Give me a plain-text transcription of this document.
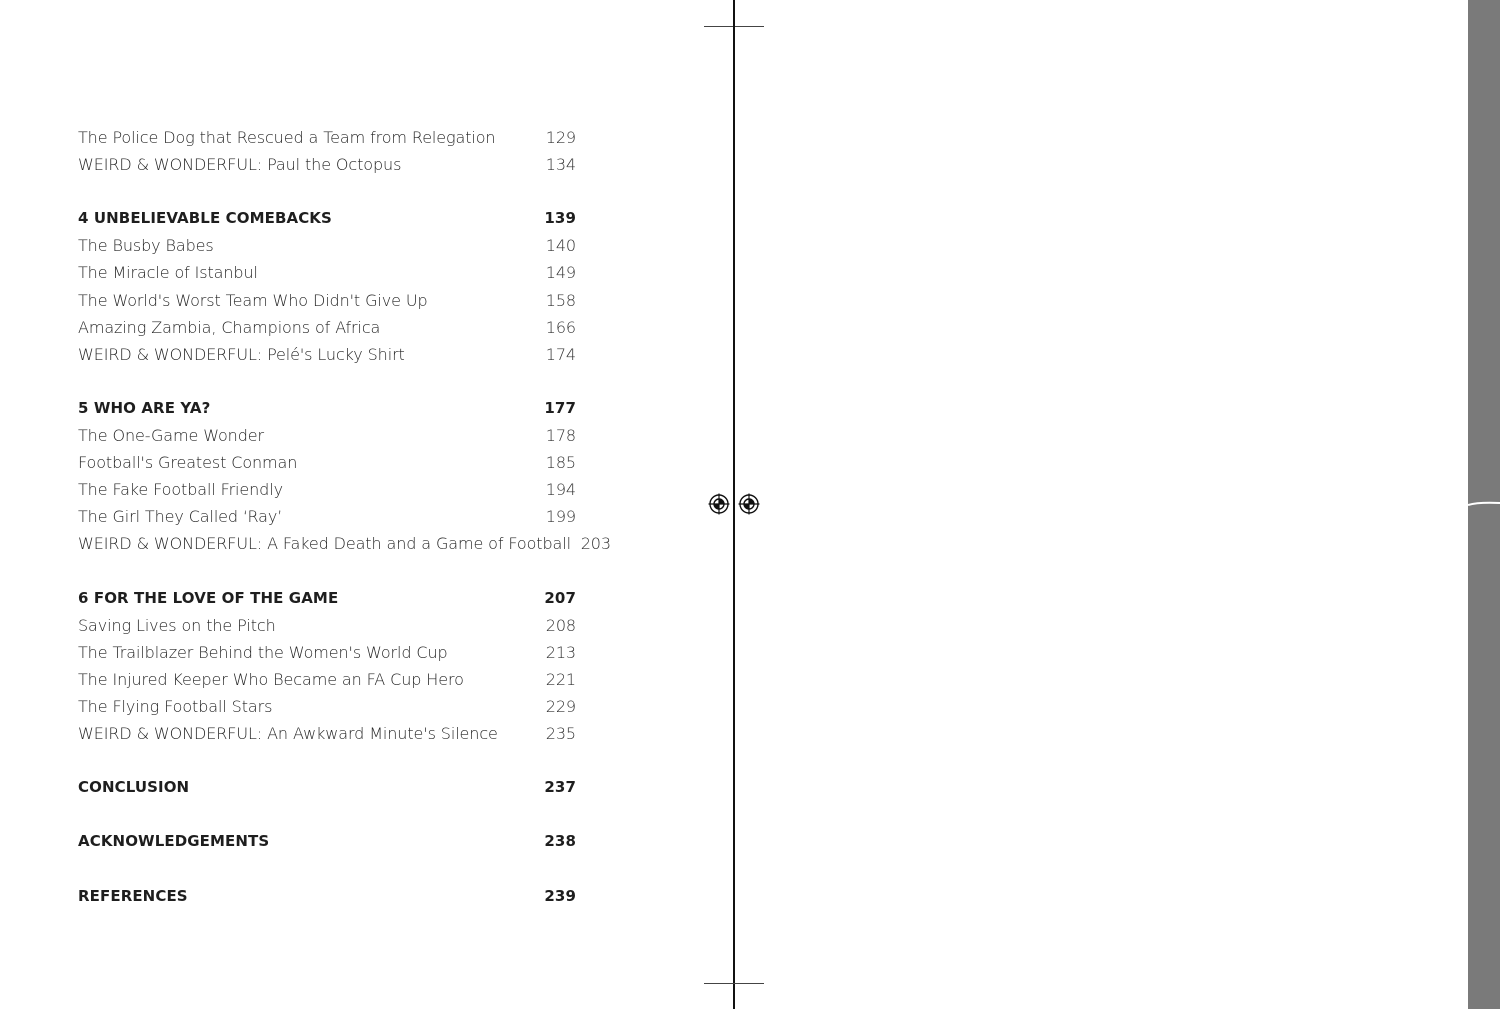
The Police Dog that Rescued a Team from Relegation	129
WEIRD & WONDERFUL: Paul the Octopus	134
4 UNBELIEVABLE COMEBACKS	139
The Busby Babes	140
The Miracle of Istanbul	149
The World's Worst Team Who Didn't Give Up	158
Amazing Zambia, Champions of Africa	166
WEIRD & WONDERFUL: Pelé's Lucky Shirt	174
5 WHO ARE YA?	177
The One-Game Wonder	178
Football's Greatest Conman	185
The Fake Football Friendly	194
The Girl They Called ‘Ray’	199
WEIRD & WONDERFUL: A Faked Death and a Game of Football 203
6 FOR THE LOVE OF THE GAME	207
Saving Lives on the Pitch	208
The Trailblazer Behind the Women's World Cup	213
The Injured Keeper Who Became an FA Cup Hero	221
The Flying Football Stars	229
WEIRD & WONDERFUL: An Awkward Minute's Silence	235
CONCLUSION	237
ACKNOWLEDGEMENTS	238
REFERENCES	239
